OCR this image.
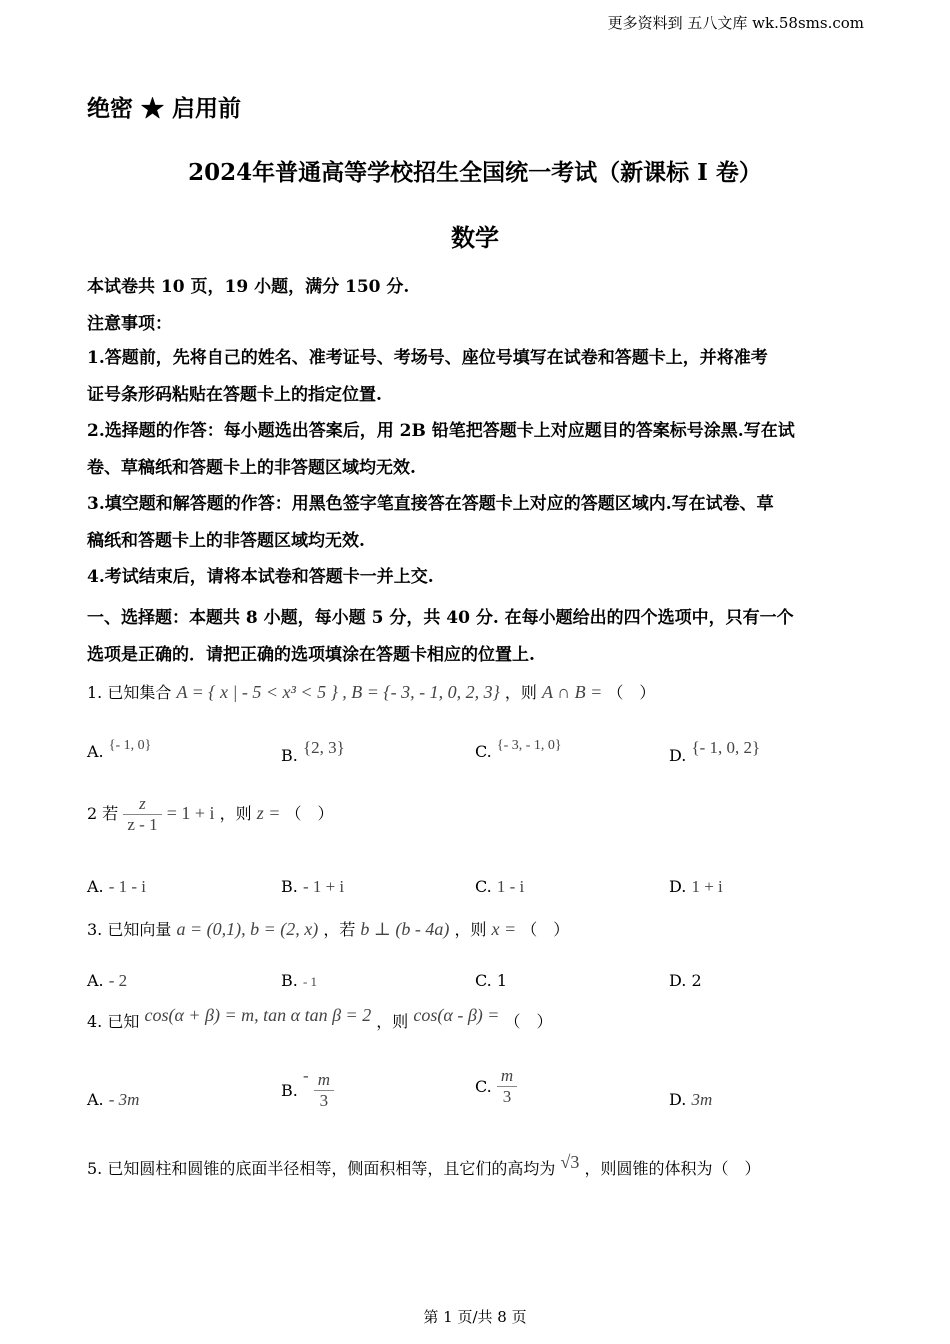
更多资料到 五八文库 wk.58sms.com
绝密 ★ 启用前
2024年普通高等学校招生全国统一考试（新课标 I 卷）
数学
本试卷共 10 页，19 小题，满分 150 分.
注意事项：
1.答题前，先将自己的姓名、准考证号、考场号、座位号填写在试卷和答题卡上，并将准考
证号条形码粘贴在答题卡上的指定位置.
2.选择题的作答：每小题选出答案后，用 2B 铅笔把答题卡上对应题目的答案标号涂黑.写在试
卷、草稿纸和答题卡上的非答题区域均无效.
3.填空题和解答题的作答：用黑色签字笔直接答在答题卡上对应的答题区域内.写在试卷、草
稿纸和答题卡上的非答题区域均无效.
4.考试结束后，请将本试卷和答题卡一并上交.
一、选择题：本题共 8 小题，每小题 5 分，共 40 分. 在每小题给出的四个选项中，只有一个
选项是正确的．请把正确的选项填涂在答题卡相应的位置上.
1. 已知集合 A = { x | - 5 < x³ < 5 } , B = {- 3, - 1, 0, 2, 3} ，则 A ∩ B = （　）
A. {- 1, 0}
B. {2, 3}	C. {- 3, - 1, 0}
D. {- 1, 0, 2}
2 若 $\frac{z}{z - 1} = 1 + i$ ，则 z = （　）
A. - 1 - i	B. - 1 + i	C. 1 - i	D. 1 + i
3. 已知向量 a = (0,1), b = (2, x) ，若 b ⊥ (b - 4a) ，则 x = （　）
A. - 2	B. - 1	C. 1	D. 2
4. 已知 cos(α + β) = m, tan α tan β = 2 ，则 cos(α - β) = （　）
A. - 3m	B. - $\frac{m}{3}$	C. $\frac{m}{3}$	D. 3m
5. 已知圆柱和圆锥的底面半径相等，侧面积相等，且它们的高均为 √3 ，则圆锥的体积为（　）
第 1 页/共 8 页
